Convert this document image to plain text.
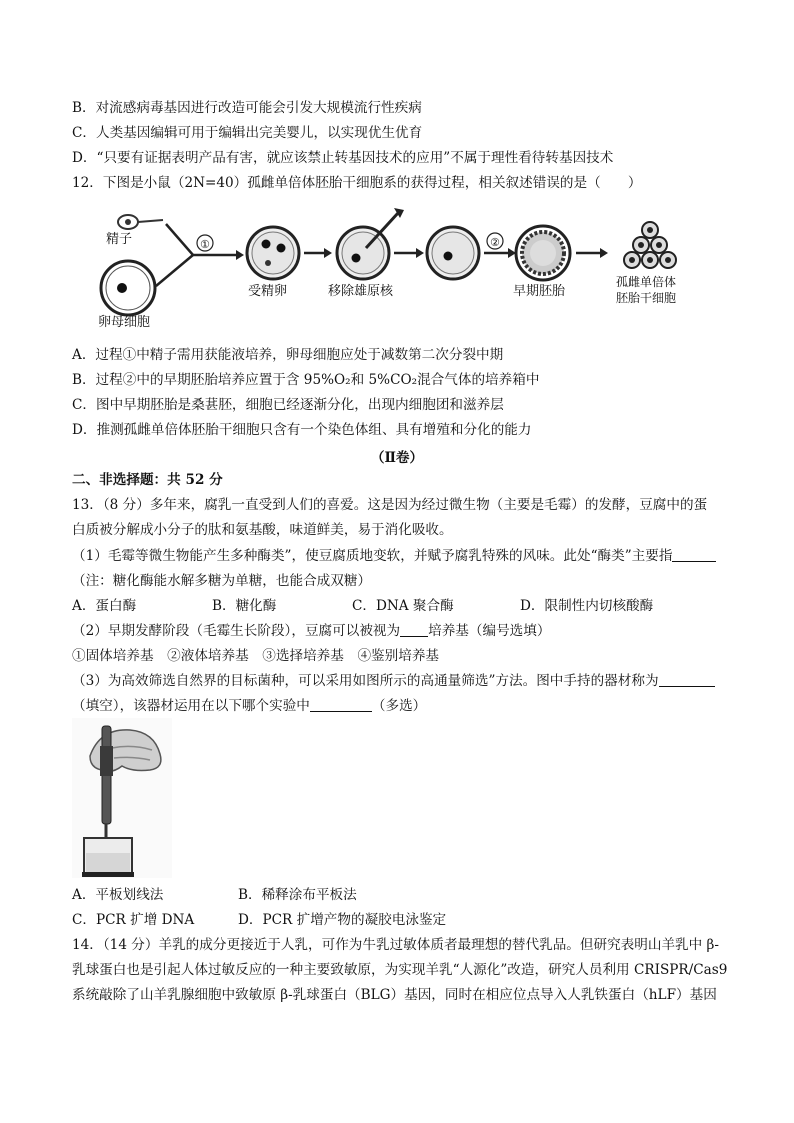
B．对流感病毒基因进行改造可能会引发大规模流行性疾病
C．人类基因编辑可用于编辑出完美婴儿，以实现优生优育
D．“只要有证据表明产品有害，就应该禁止转基因技术的应用”不属于理性看待转基因技术
12．下图是小鼠（2N=40）孤雌单倍体胚胎干细胞系的获得过程，相关叙述错误的是（　　）
精子
卵母细胞
①
受精卵	移除雄原核
②
早期胚胎
孤雌单倍体
胚胎干细胞
A．过程①中精子需用获能液培养，卵母细胞应处于减数第二次分裂中期
B．过程②中的早期胚胎培养应置于含 95%O₂和 5%CO₂混合气体的培养箱中
C．图中早期胚胎是桑葚胚，细胞已经逐渐分化，出现内细胞团和滋养层
D．推测孤雌单倍体胚胎干细胞只含有一个染色体组、具有增殖和分化的能力
（Ⅱ卷）
二、非选择题：共 52 分
13．（8 分）多年来，腐乳一直受到人们的喜爱。这是因为经过微生物（主要是毛霉）的发酵，豆腐中的蛋
白质被分解成小分子的肽和氨基酸，味道鲜美，易于消化吸收。
（1）毛霉等微生物能产生多种酶类”，使豆腐质地变软，并赋予腐乳特殊的风味。此处“酶类”主要指
（注：糖化酶能水解多糖为单糖，也能合成双糖）
A．蛋白酶	B．糖化酶	C．DNA 聚合酶	D．限制性内切核酸酶
（2）早期发酵阶段（毛霉生长阶段），豆腐可以被视为 培养基（编号选填）
①固体培养基　②液体培养基　③选择培养基　④鉴别培养基
（3）为高效筛选自然界的目标菌种，可以采用如图所示的高通量筛选”方法。图中手持的器材称为
（填空），该器材运用在以下哪个实验中	（多选）
A．平板划线法	B．稀释涂布平板法
C．PCR 扩增 DNA	D．PCR 扩增产物的凝胶电泳鉴定
14．（14 分）羊乳的成分更接近于人乳，可作为牛乳过敏体质者最理想的替代乳品。但研究表明山羊乳中 β-
乳球蛋白也是引起人体过敏反应的一种主要致敏原，为实现羊乳“人源化”改造，研究人员利用 CRISPR/Cas9
系统敲除了山羊乳腺细胞中致敏原 β-乳球蛋白（BLG）基因，同时在相应位点导入人乳铁蛋白（hLF）基因
